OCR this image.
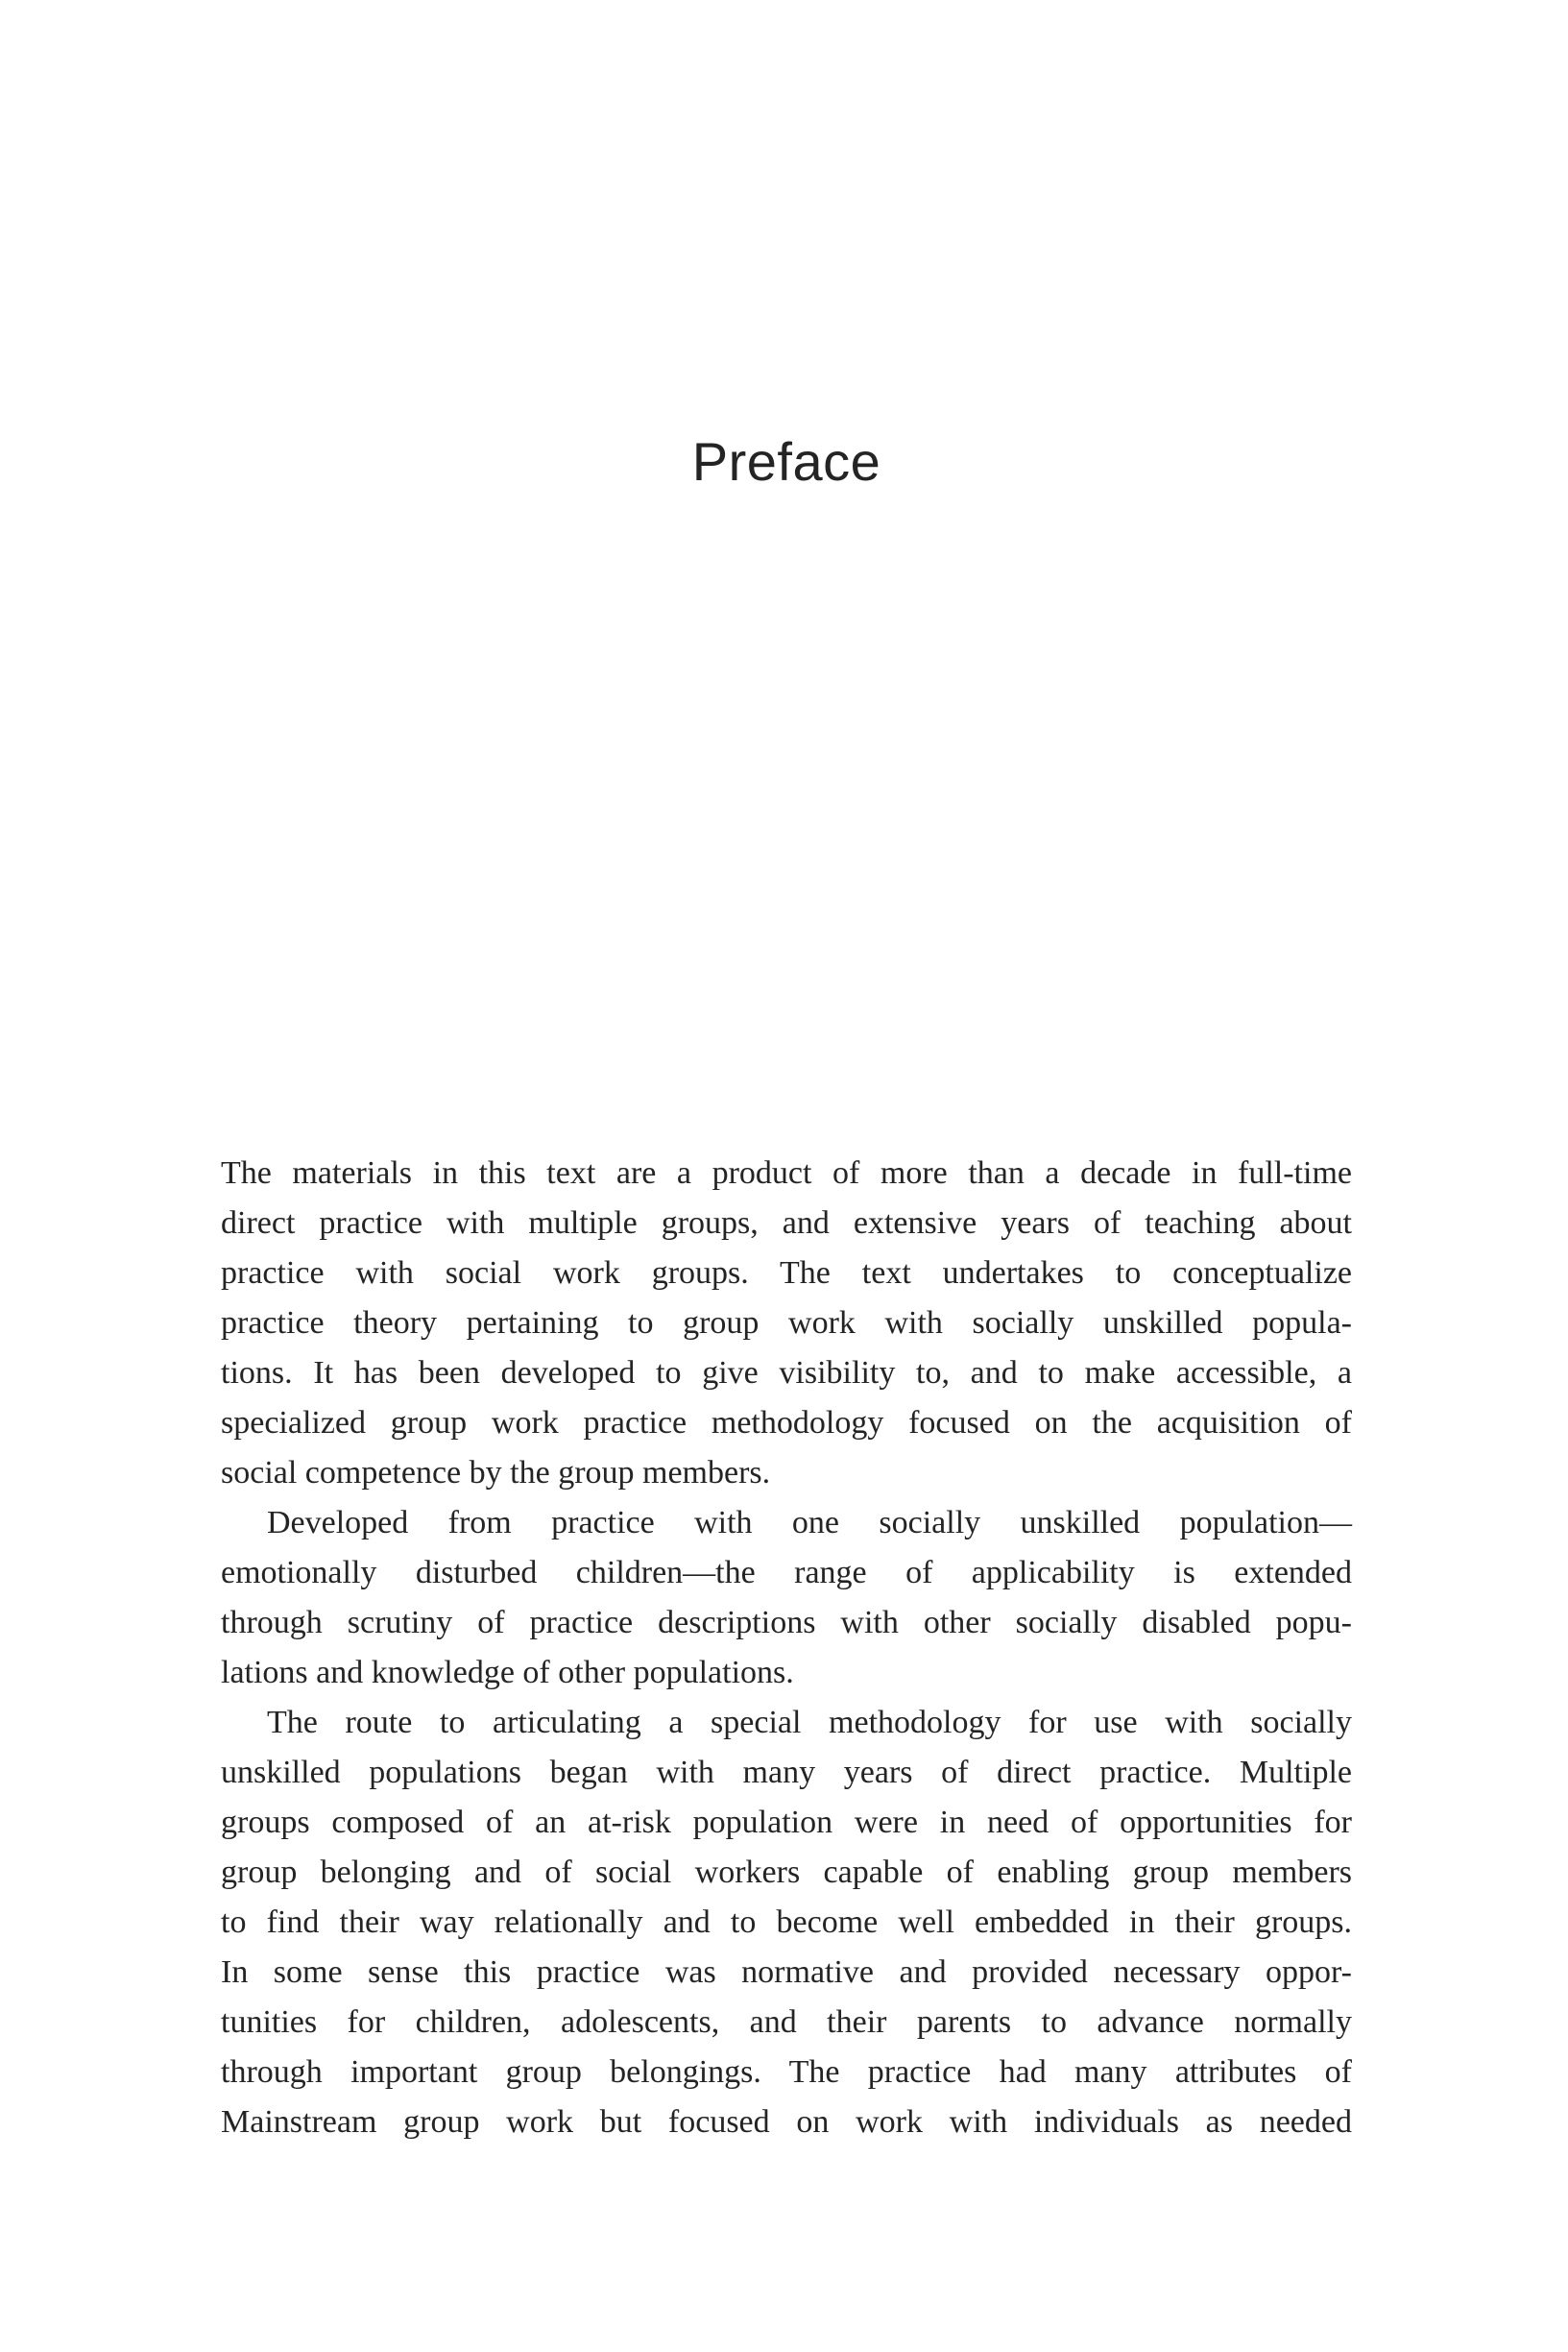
Preface
The materials in this text are a product of more than a decade in full-time
direct practice with multiple groups, and extensive years of teaching about
practice with social work groups. The text undertakes to conceptualize
practice theory pertaining to group work with socially unskilled popula-
tions. It has been developed to give visibility to, and to make accessible, a
specialized group work practice methodology focused on the acquisition of
social competence by the group members.
Developed from practice with one socially unskilled population—
emotionally disturbed children—the range of applicability is extended
through scrutiny of practice descriptions with other socially disabled popu-
lations and knowledge of other populations.
The route to articulating a special methodology for use with socially
unskilled populations began with many years of direct practice. Multiple
groups composed of an at-risk population were in need of opportunities for
group belonging and of social workers capable of enabling group members
to find their way relationally and to become well embedded in their groups.
In some sense this practice was normative and provided necessary oppor-
tunities for children, adolescents, and their parents to advance normally
through important group belongings. The practice had many attributes of
Mainstream group work but focused on work with individuals as needed
